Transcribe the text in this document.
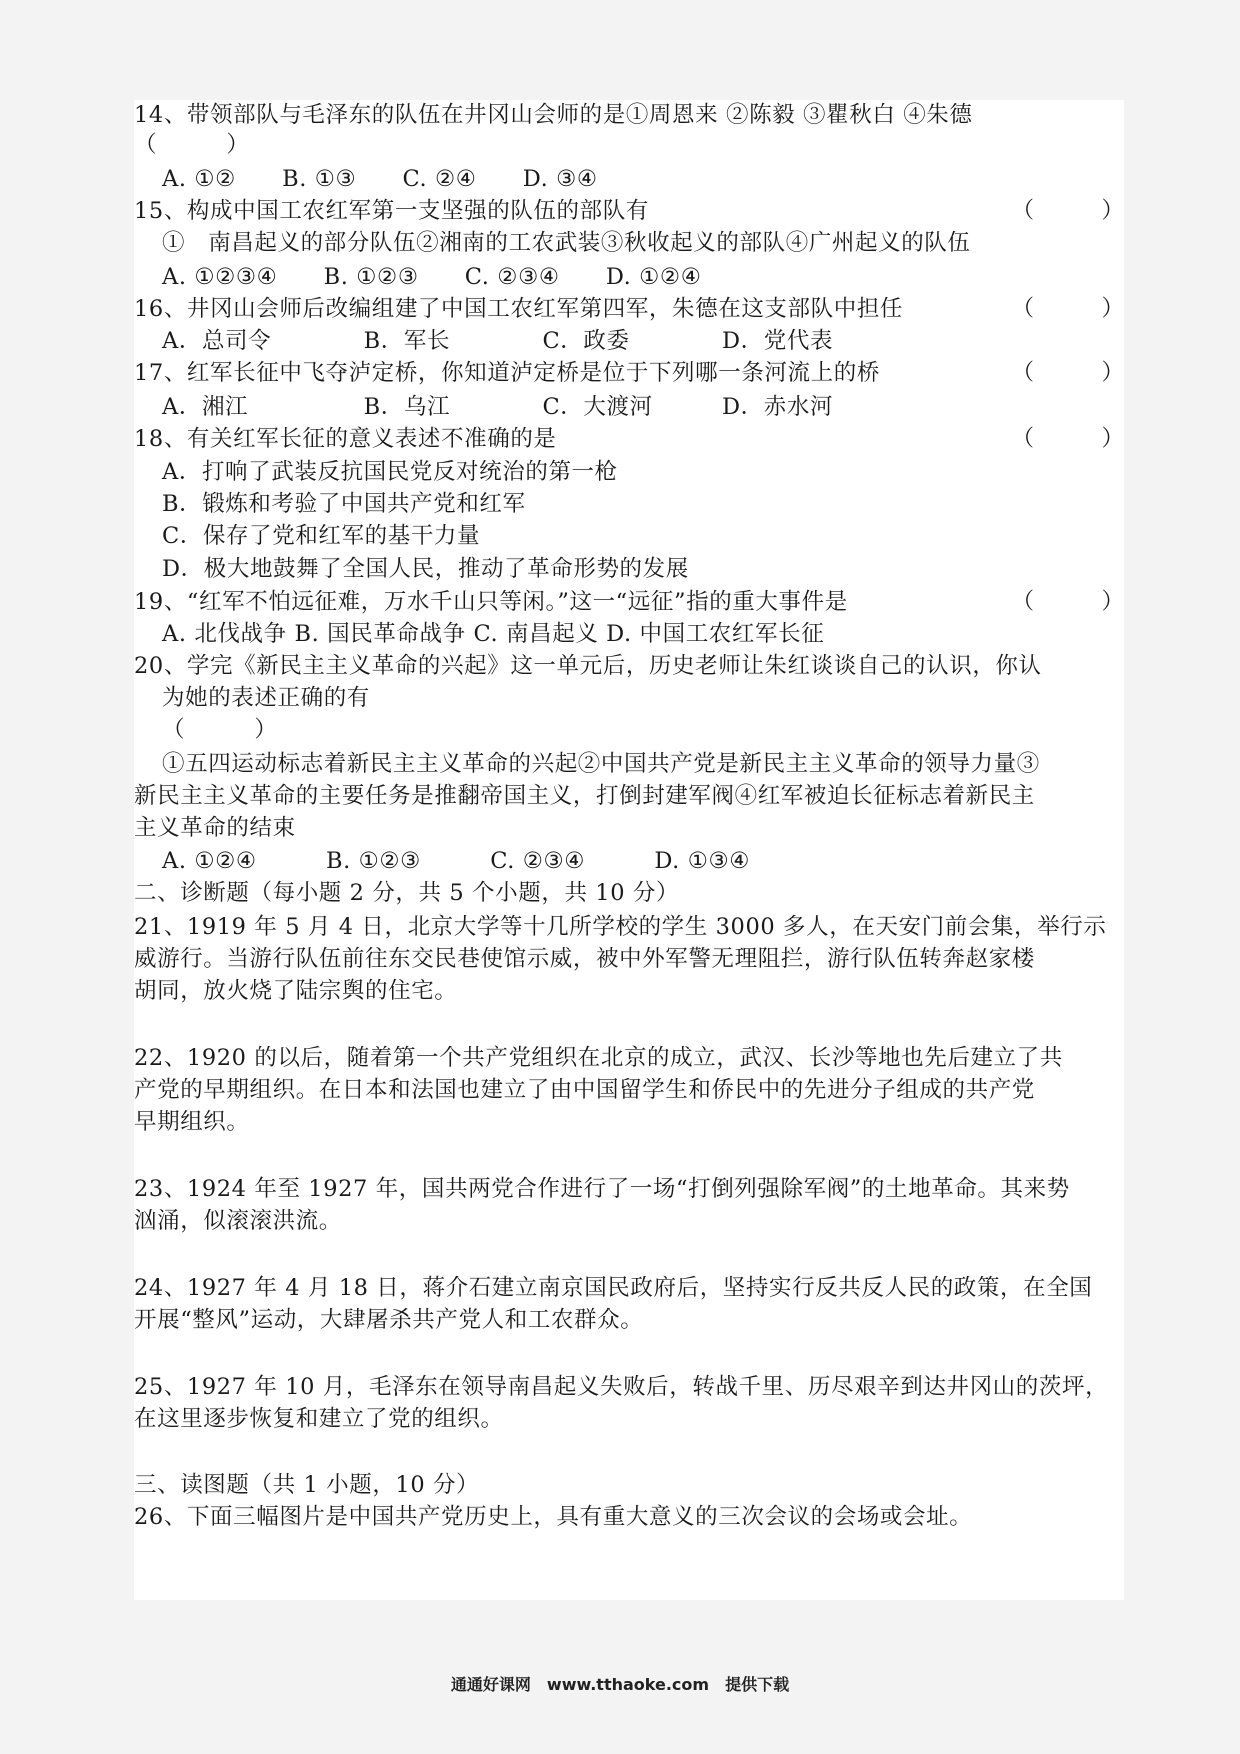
14、带领部队与毛泽东的队伍在井冈山会师的是①周恩来 ②陈毅 ③瞿秋白 ④朱德
（　　　）
A. ①②　　B. ①③　　C. ②④　　D. ③④
15、构成中国工农红军第一支坚强的队伍的部队有	（　　　）
①　南昌起义的部分队伍②湘南的工农武装③秋收起义的部队④广州起义的队伍
A. ①②③④　　B. ①②③　　C. ②③④　　D. ①②④
16、井冈山会师后改编组建了中国工农红军第四军，朱德在这支部队中担任	（　　　）
A．总司令　　　　B．军长　　　　C．政委　　　　D．党代表
17、红军长征中飞夺泸定桥，你知道泸定桥是位于下列哪一条河流上的桥	（　　　）
A．湘江　　　　　B．乌江　　　　C．大渡河　　　D．赤水河
18、有关红军长征的意义表述不准确的是	（　　　）
A．打响了武装反抗国民党反对统治的第一枪
B．锻炼和考验了中国共产党和红军
C．保存了党和红军的基干力量
D．极大地鼓舞了全国人民，推动了革命形势的发展
19、“红军不怕远征难，万水千山只等闲。”这一“远征”指的重大事件是	（　　　）
A. 北伐战争 B. 国民革命战争 C. 南昌起义 D. 中国工农红军长征
20、学完《新民主主义革命的兴起》这一单元后，历史老师让朱红谈谈自己的认识，你认
为她的表述正确的有
（　　　）
①五四运动标志着新民主主义革命的兴起②中国共产党是新民主主义革命的领导力量③
新民主主义革命的主要任务是推翻帝国主义，打倒封建军阀④红军被迫长征标志着新民主
主义革命的结束
A. ①②④　　　B. ①②③　　　C. ②③④　　　D. ①③④
二、诊断题（每小题 2 分，共 5 个小题，共 10 分）
21、1919 年 5 月 4 日，北京大学等十几所学校的学生 3000 多人，在天安门前会集，举行示
威游行。当游行队伍前往东交民巷使馆示威，被中外军警无理阻拦，游行队伍转奔赵家楼
胡同，放火烧了陆宗舆的住宅。
22、1920 的以后，随着第一个共产党组织在北京的成立，武汉、长沙等地也先后建立了共
产党的早期组织。在日本和法国也建立了由中国留学生和侨民中的先进分子组成的共产党
早期组织。
23、1924 年至 1927 年，国共两党合作进行了一场“打倒列强除军阀”的土地革命。其来势
汹涌，似滚滚洪流。
24、1927 年 4 月 18 日，蒋介石建立南京国民政府后，坚持实行反共反人民的政策，在全国
开展“整风”运动，大肆屠杀共产党人和工农群众。
25、1927 年 10 月，毛泽东在领导南昌起义失败后，转战千里、历尽艰辛到达井冈山的茨坪，
在这里逐步恢复和建立了党的组织。
三、读图题（共 1 小题，10 分）
26、下面三幅图片是中国共产党历史上，具有重大意义的三次会议的会场或会址。
通通好课网　www.tthaoke.com　提供下载
